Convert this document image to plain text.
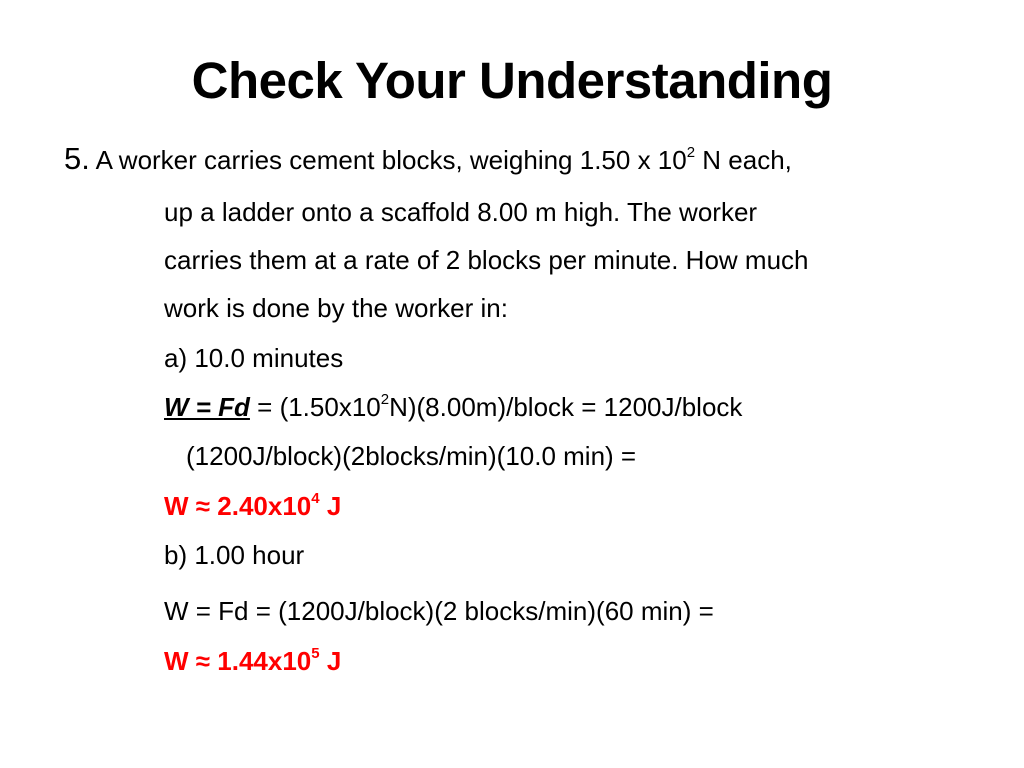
Check Your Understanding
5. A worker carries cement blocks, weighing 1.50 x $10^2$ N each,
up a ladder onto a scaffold 8.00 m high. The worker
carries them at a rate of 2 blocks per minute. How much
work is done by the worker in:
a) 10.0 minutes
$W = Fd = (1.50x10^2N)(8.00m)$/block = 1200J/block
(1200J/block)(2blocks/min)(10.0 min) =
$W \approx 2.40x10^4$ J
b) 1.00 hour
W = Fd = (1200J/block)(2 blocks/min)(60 min) =
$W \approx 1.44x10^5$ J
